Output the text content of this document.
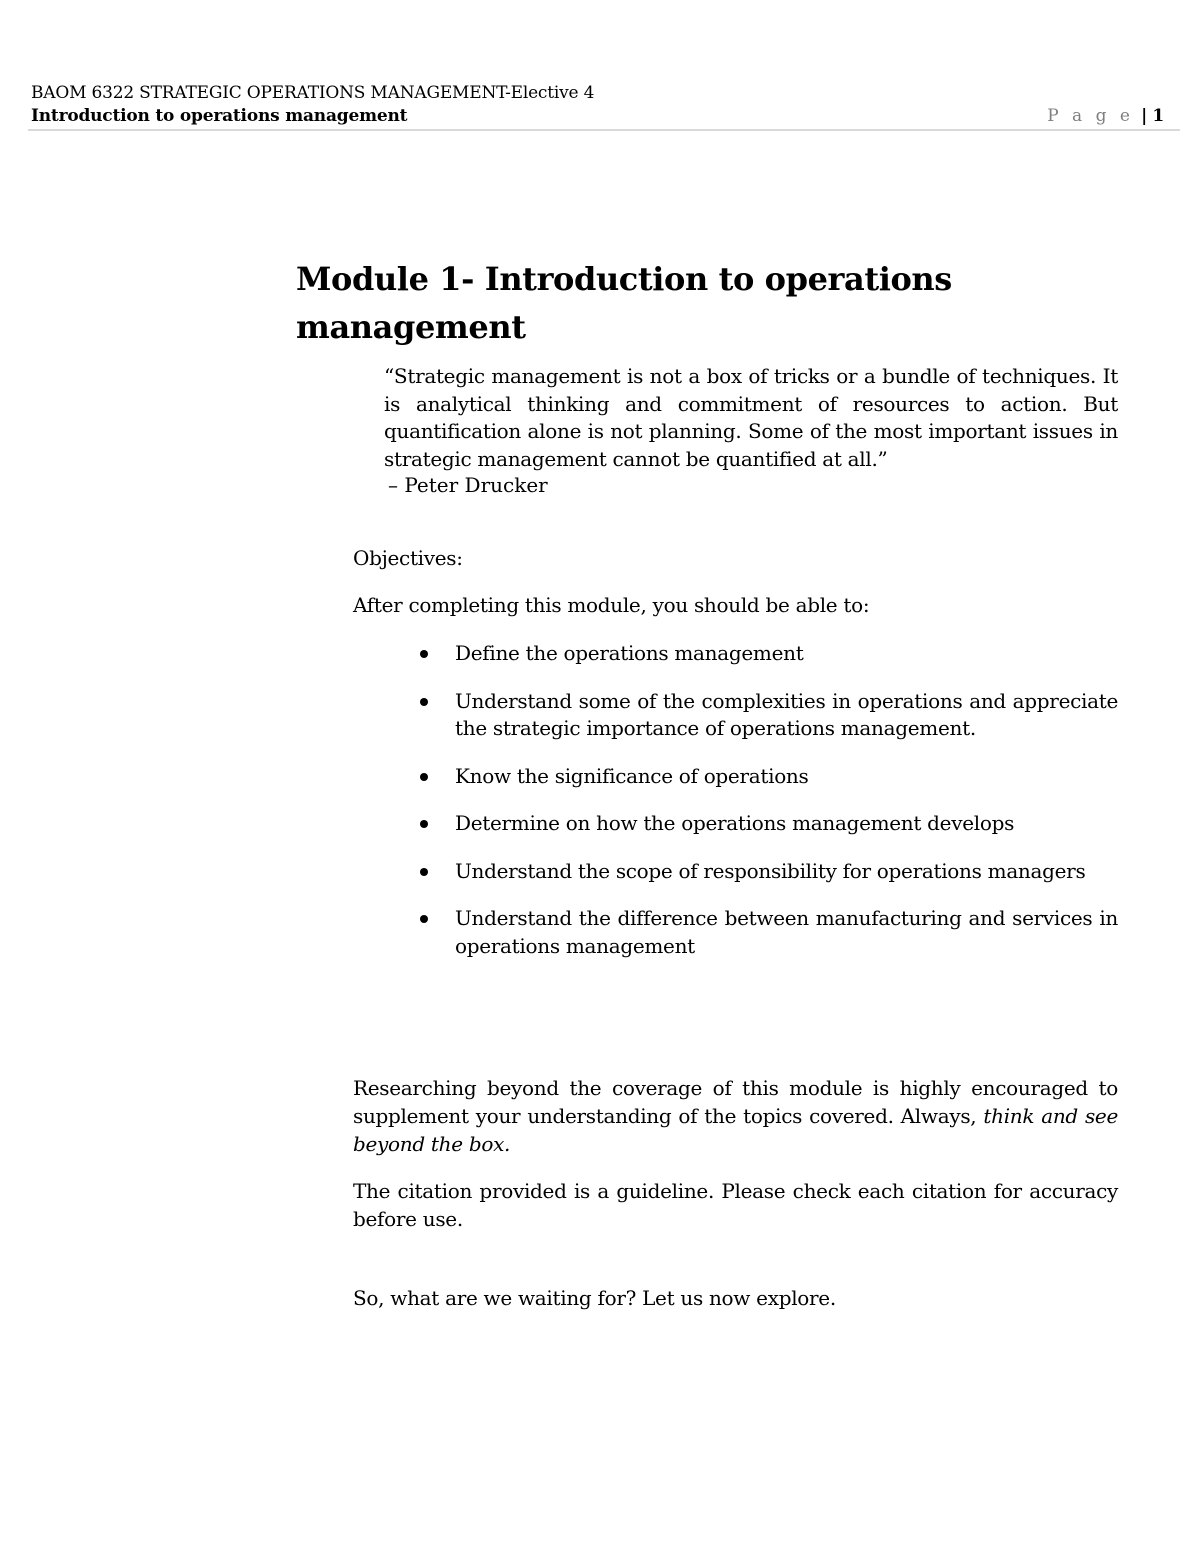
BAOM 6322 STRATEGIC OPERATIONS MANAGEMENT-Elective 4
Introduction to operations management	P a g e | 1
Module 1- Introduction to operations management
“Strategic management is not a box of tricks or a bundle of techniques. It is analytical thinking and commitment of resources to action. But quantification alone is not planning. Some of the most important issues in strategic management cannot be quantified at all.”
– Peter Drucker
Objectives:
After completing this module, you should be able to:
Define the operations management
Understand some of the complexities in operations and appreciate the strategic importance of operations management.
Know the significance of operations
Determine on how the operations management develops
Understand the scope of responsibility for operations managers
Understand the difference between manufacturing and services in operations management
Researching beyond the coverage of this module is highly encouraged to supplement your understanding of the topics covered. Always, think and see beyond the box.
The citation provided is a guideline. Please check each citation for accuracy before use.
So, what are we waiting for? Let us now explore.
